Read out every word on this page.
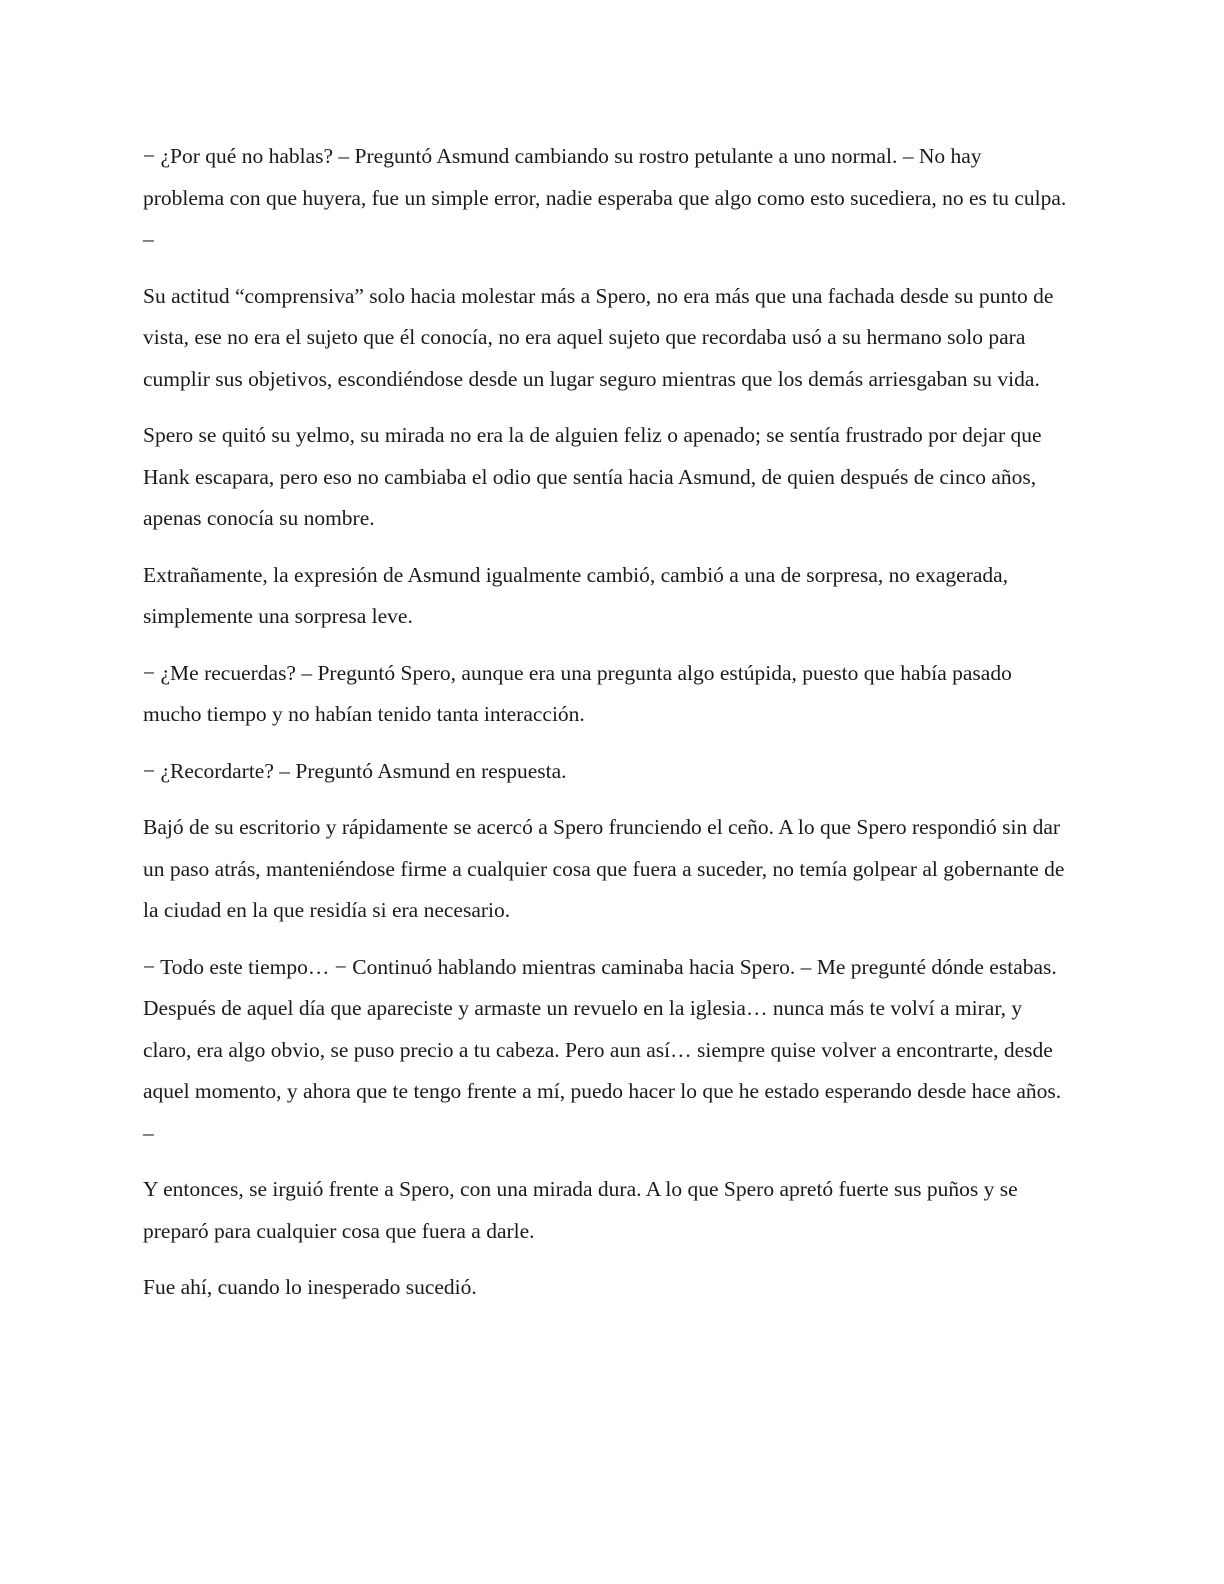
− ¿Por qué no hablas? – Preguntó Asmund cambiando su rostro petulante a uno normal. – No hay problema con que huyera, fue un simple error, nadie esperaba que algo como esto sucediera, no es tu culpa. –

Su actitud “comprensiva” solo hacia molestar más a Spero, no era más que una fachada desde su punto de vista, ese no era el sujeto que él conocía, no era aquel sujeto que recordaba usó a su hermano solo para cumplir sus objetivos, escondiéndose desde un lugar seguro mientras que los demás arriesgaban su vida.

Spero se quitó su yelmo, su mirada no era la de alguien feliz o apenado; se sentía frustrado por dejar que Hank escapara, pero eso no cambiaba el odio que sentía hacia Asmund, de quien después de cinco años, apenas conocía su nombre.

Extrañamente, la expresión de Asmund igualmente cambió, cambió a una de sorpresa, no exagerada, simplemente una sorpresa leve.

− ¿Me recuerdas? – Preguntó Spero, aunque era una pregunta algo estúpida, puesto que había pasado mucho tiempo y no habían tenido tanta interacción.

− ¿Recordarte? – Preguntó Asmund en respuesta.

Bajó de su escritorio y rápidamente se acercó a Spero frunciendo el ceño. A lo que Spero respondió sin dar un paso atrás, manteniéndose firme a cualquier cosa que fuera a suceder, no temía golpear al gobernante de la ciudad en la que residía si era necesario.

− Todo este tiempo… − Continuó hablando mientras caminaba hacia Spero. – Me pregunté dónde estabas. Después de aquel día que apareciste y armaste un revuelo en la iglesia… nunca más te volví a mirar, y claro, era algo obvio, se puso precio a tu cabeza. Pero aun así… siempre quise volver a encontrarte, desde aquel momento, y ahora que te tengo frente a mí, puedo hacer lo que he estado esperando desde hace años. –

Y entonces, se irguió frente a Spero, con una mirada dura. A lo que Spero apretó fuerte sus puños y se preparó para cualquier cosa que fuera a darle.

Fue ahí, cuando lo inesperado sucedió.
